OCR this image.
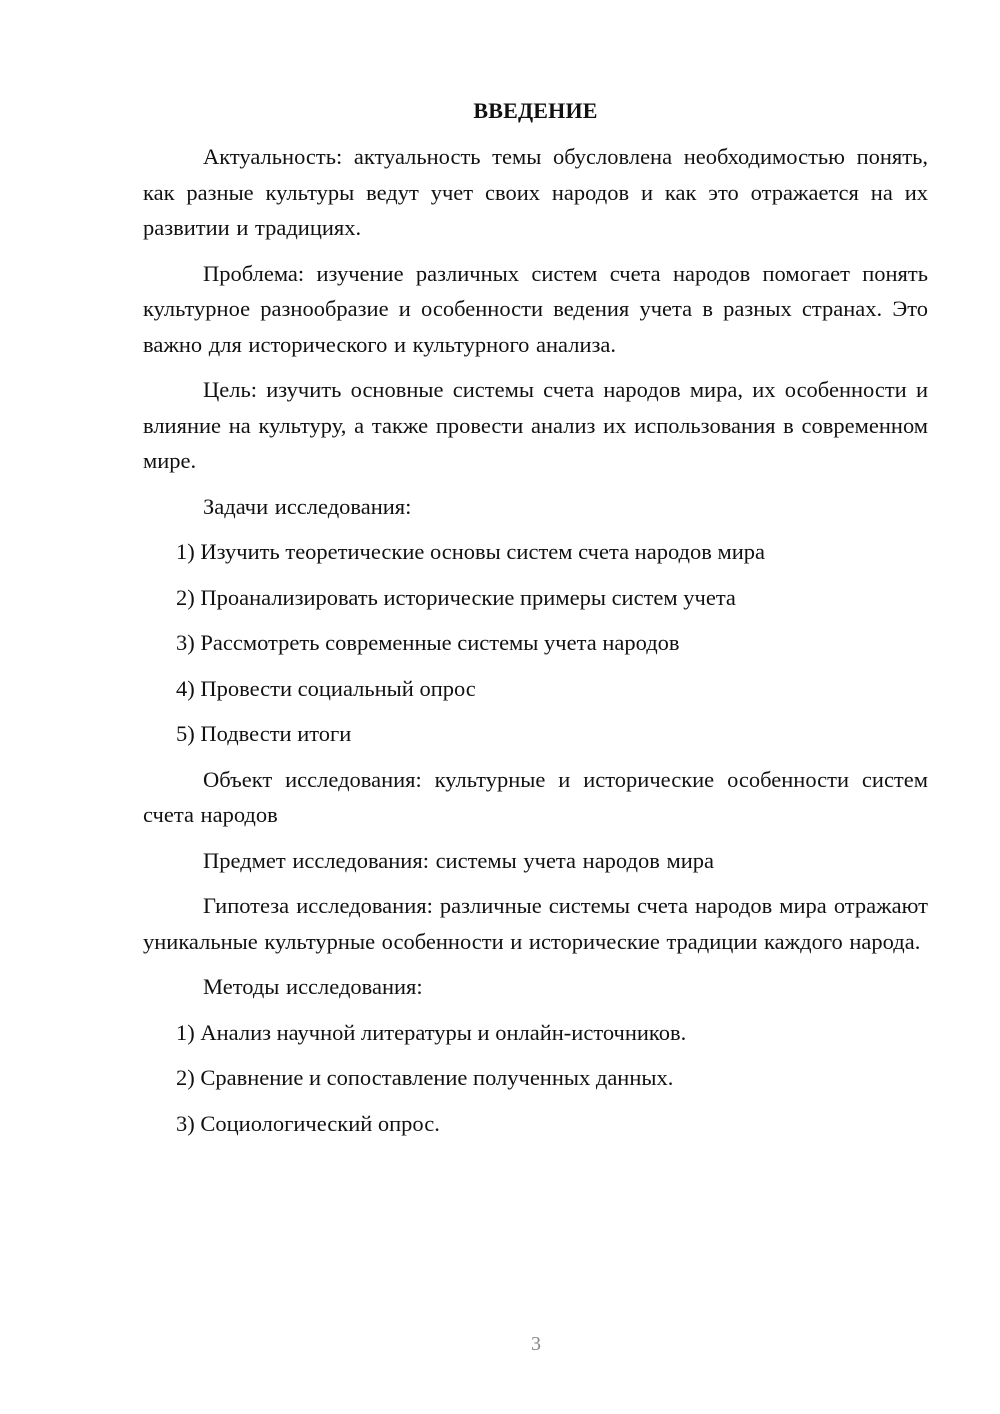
ВВЕДЕНИЕ

Актуальность: актуальность темы обусловлена необходимостью понять, как разные культуры ведут учет своих народов и как это отражается на их развитии и традициях.

Проблема: изучение различных систем счета народов помогает понять культурное разнообразие и особенности ведения учета в разных странах. Это важно для исторического и культурного анализа.

Цель: изучить основные системы счета народов мира, их особенности и влияние на культуру, а также провести анализ их использования в современном мире.

Задачи исследования:

1) Изучить теоретические основы систем счета народов мира

2) Проанализировать исторические примеры систем учета

3) Рассмотреть современные системы учета народов

4) Провести социальный опрос

5) Подвести итоги

Объект исследования: культурные и исторические особенности систем счета народов

Предмет исследования: системы учета народов мира

Гипотеза исследования: различные системы счета народов мира отражают уникальные культурные особенности и исторические традиции каждого народа.

Методы исследования:

1) Анализ научной литературы и онлайн-источников.

2) Сравнение и сопоставление полученных данных.

3) Социологический опрос.

3
